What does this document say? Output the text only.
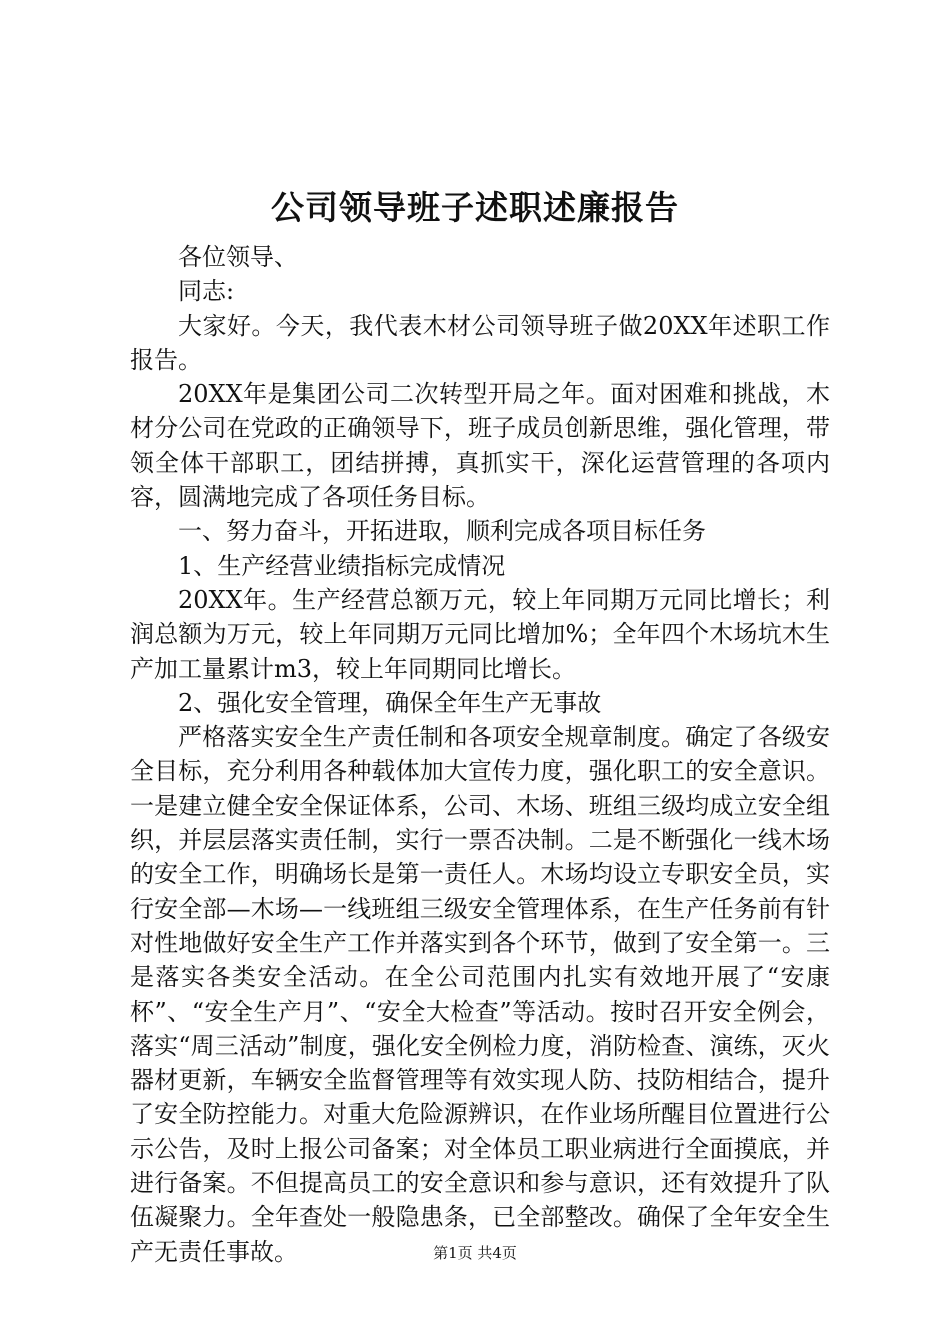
公司领导班子述职述廉报告

各位领导、

同志:

大家好。今天，我代表木材公司领导班子做20XX年述职工作报告。

20XX年是集团公司二次转型开局之年。面对困难和挑战，木材分公司在党政的正确领导下，班子成员创新思维，强化管理，带领全体干部职工，团结拼搏，真抓实干，深化运营管理的各项内容，圆满地完成了各项任务目标。

一、努力奋斗，开拓进取，顺利完成各项目标任务

1、生产经营业绩指标完成情况

20XX年。生产经营总额万元，较上年同期万元同比增长；利润总额为万元，较上年同期万元同比增加%；全年四个木场坑木生产加工量累计m3，较上年同期同比增长。

2、强化安全管理，确保全年生产无事故

严格落实安全生产责任制和各项安全规章制度。确定了各级安全目标，充分利用各种载体加大宣传力度，强化职工的安全意识。一是建立健全安全保证体系，公司、木场、班组三级均成立安全组织，并层层落实责任制，实行一票否决制。二是不断强化一线木场的安全工作，明确场长是第一责任人。木场均设立专职安全员，实行安全部—木场—一线班组三级安全管理体系，在生产任务前有针对性地做好安全生产工作并落实到各个环节，做到了安全第一。三是落实各类安全活动。在全公司范围内扎实有效地开展了“安康杯”、“安全生产月”、“安全大检查”等活动。按时召开安全例会，落实“周三活动”制度，强化安全例检力度，消防检查、演练，灭火器材更新，车辆安全监督管理等有效实现人防、技防相结合，提升了安全防控能力。对重大危险源辨识，在作业场所醒目位置进行公示公告，及时上报公司备案；对全体员工职业病进行全面摸底，并进行备案。不但提高员工的安全意识和参与意识，还有效提升了队伍凝聚力。全年查处一般隐患条，已全部整改。确保了全年安全生产无责任事故。	第1页 共4页
